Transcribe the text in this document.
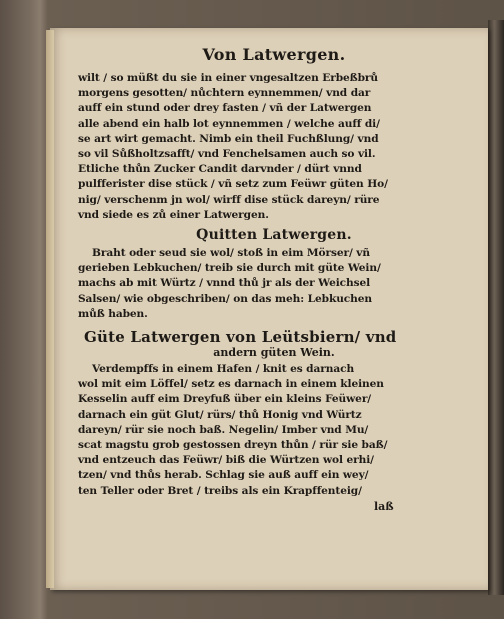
Von Latwergen.
wilt / so müßt du sie in einer vngesaltzen Erbeßbrů
morgens gesotten/ nůchtern eynnemmen/ vnd dar
auff ein stund oder drey fasten / vñ der Latwergen
alle abend ein halb lot eynnemmen / welche auff di/
se art wirt gemacht. Nimb ein theil Fuchßlung/ vnd
so vil Sůßholtzsafft/ vnd Fenchelsamen auch so vil.
Etliche thůn Zucker Candit darvnder / dürt vnnd
pulfferister dise stück / vñ setz zum Feüwr güten Ho/
nig/ verschenm jn wol/ wirff dise stück dareyn/ rüre
vnd siede es zů einer Latwergen.
Quitten Latwergen.
Braht oder seud sie wol/ stoß in eim Mörser/ vñ
gerieben Lebkuchen/ treib sie durch mit güte Wein/
machs ab mit Würtz / vnnd thů jr als der Weichsel
Salsen/ wie obgeschriben/ on das meh: Lebkuchen
můß haben.
Güte Latwergen von Leütsbiern/ vnd
andern güten Wein.
Verdempffs in einem Hafen / knit es darnach
wol mit eim Löffel/ setz es darnach in einem kleinen
Kesselin auff eim Dreyfuß über ein kleins Feüwer/
darnach ein güt Glut/ rürs/ thů Honig vnd Würtz
dareyn/ rür sie noch baß. Negelin/ Imber vnd Mu/
scat magstu grob gestossen dreyn thůn / rür sie baß/
vnd entzeuch das Feüwr/ biß die Würtzen wol erhi/
tzen/ vnd thůs herab. Schlag sie auß auff ein wey/
ten Teller oder Bret / treibs als ein Krapffenteig/
laß
